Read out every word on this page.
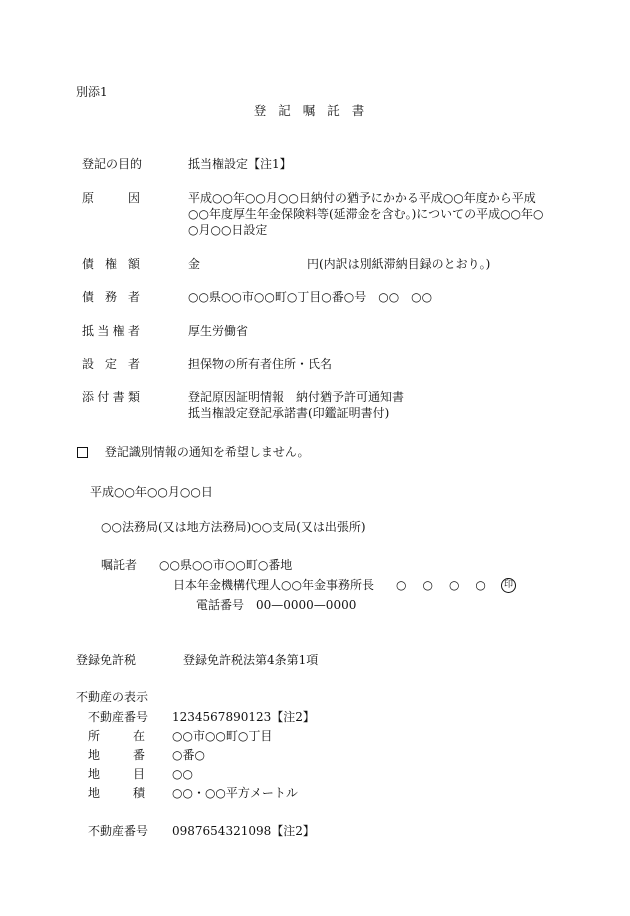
別添1
登記嘱託書
登記の目的	抵当権設定【注1】
原因	平成○○年○○月○○日納付の猶予にかかる平成○○年度から平成
○○年度厚生年金保険料等(延滞金を含む。)についての平成○○年○
○月○○日設定
債権額	金	円(内訳は別紙滞納目録のとおり。)
債務者	○○県○○市○○町○丁目○番○号　○○　○○
抵当権者	厚生労働省
設定者	担保物の所有者住所・氏名
添付書類	登記原因証明情報　納付猶予許可通知書
抵当権設定登記承諾書(印鑑証明書付)
登記識別情報の通知を希望しません。
平成○○年○○月○○日
○○法務局(又は地方法務局)○○支局(又は出張所)
嘱託者 ○○県○○市○○町○番地
日本年金機構代理人○○年金事務所長 ○　○　○　○	印
電話番号　00—0000—0000
登録免許税	登録免許税法第4条第1項
不動産の表示
不動産番号 1234567890123【注2】
所在 ○○市○○町○丁目
地番 ○番○
地目 ○○
地積 ○○・○○平方メートル
不動産番号 0987654321098【注2】
